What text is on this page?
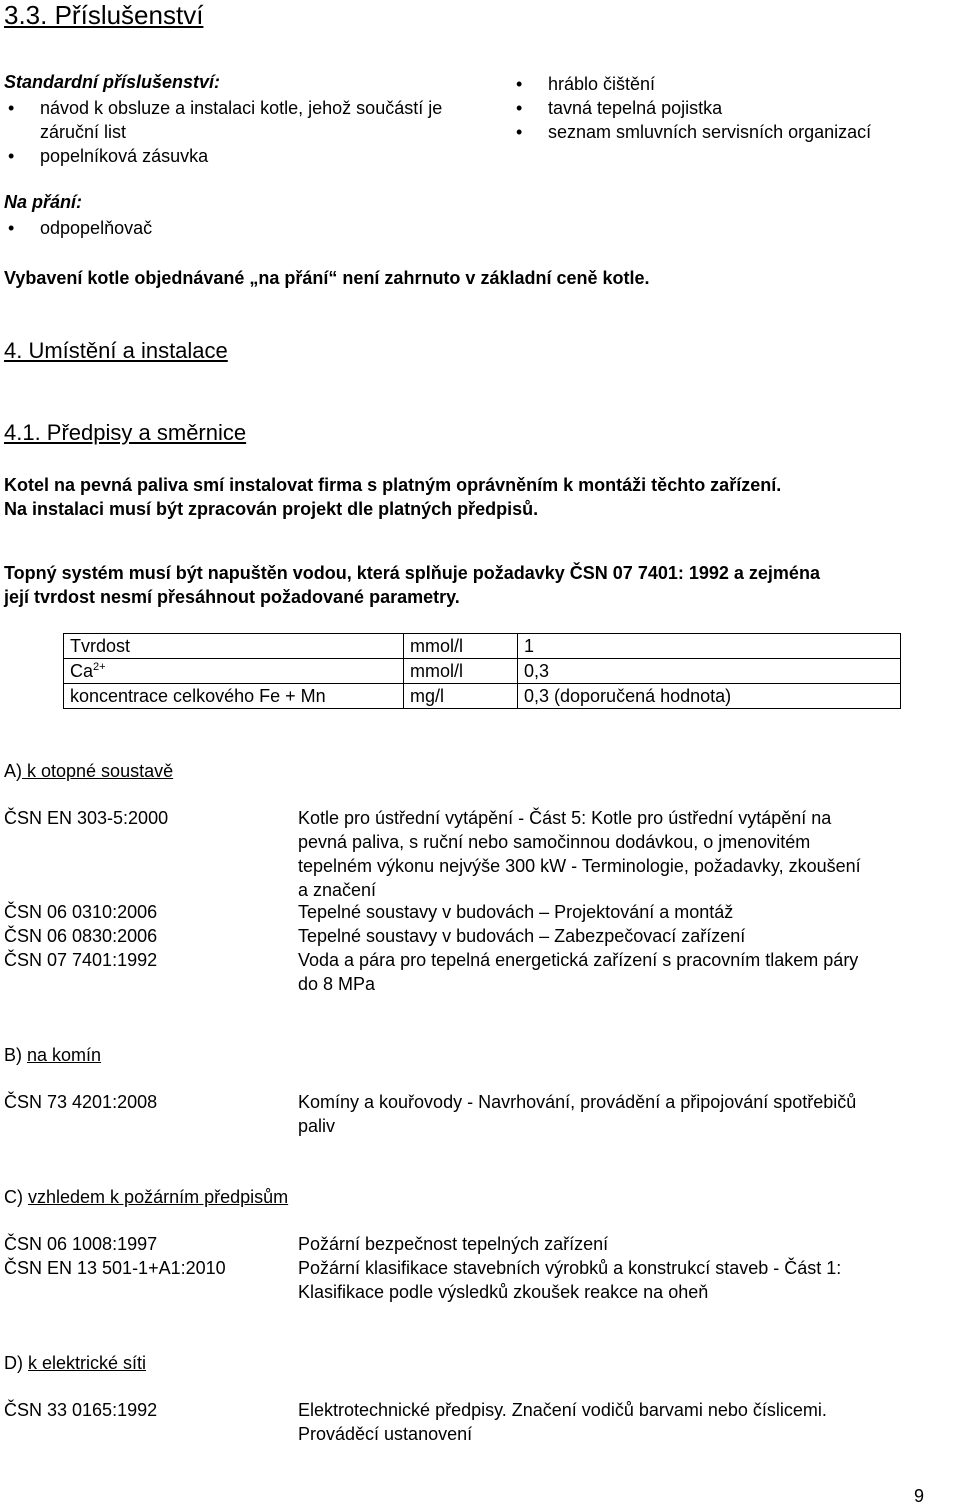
3.3. Příslušenství
Standardní příslušenství:
• návod k obsluze a instalaci kotle, jehož součástí je záruční list
• popelníková zásuvka
• hráblo čištění
• tavná tepelná pojistka
• seznam smluvních servisních organizací
Na přání:
• odpopelňovač
Vybavení kotle objednávané „na přání“ není zahrnuto v základní ceně kotle.
4. Umístění a instalace
4.1. Předpisy a směrnice
Kotel na pevná paliva smí instalovat firma s platným oprávněním k montáži těchto zařízení.
Na instalaci musí být zpracován projekt dle platných předpisů.
Topný systém musí být napuštěn vodou, která splňuje požadavky ČSN 07 7401: 1992 a zejména
její tvrdost nesmí přesáhnout požadované parametry.
Tvrdost	mmol/l	1
$Ca^{2+}$	mmol/l	0,3
koncentrace celkového Fe + Mn	mg/l	0,3 (doporučená hodnota)
A) k otopné soustavě
ČSN EN 303-5:2000	Kotle pro ústřední vytápění - Část 5: Kotle pro ústřední vytápění na
pevná paliva, s ruční nebo samočinnou dodávkou, o jmenovitém
tepelném výkonu nejvýše 300 kW - Terminologie, požadavky, zkoušení
a značení
ČSN 06 0310:2006	Tepelné soustavy v budovách – Projektování a montáž
ČSN 06 0830:2006	Tepelné soustavy v budovách – Zabezpečovací zařízení
ČSN 07 7401:1992	Voda a pára pro tepelná energetická zařízení s pracovním tlakem páry
do 8 MPa
B) na komín
ČSN 73 4201:2008	Komíny a kouřovody - Navrhování, provádění a připojování spotřebičů
paliv
C) vzhledem k požárním předpisům
ČSN 06 1008:1997	Požární bezpečnost tepelných zařízení
ČSN EN 13 501-1+A1:2010	Požární klasifikace stavebních výrobků a konstrukcí staveb - Část 1:
Klasifikace podle výsledků zkoušek reakce na oheň
D) k elektrické síti
ČSN 33 0165:1992	Elektrotechnické předpisy. Značení vodičů barvami nebo číslicemi.
Prováděcí ustanovení
9
